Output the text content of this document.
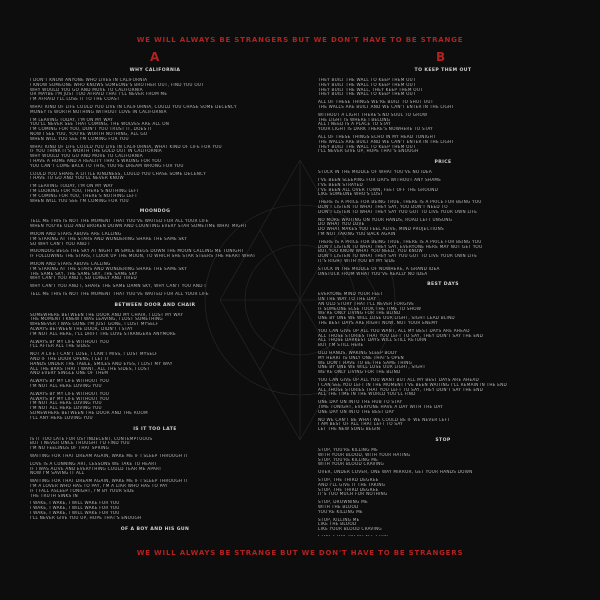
WE WILL ALWAYS BE STRANGERS BUT WE DON'T HAVE TO BE STRANGE
A	B
WHY CALIFORNIA
I DON'T KNOW ANYONE WHO LIVES IN CALIFORNIA
I KNOW SOMEONE WHO KNOWS SOMEONE'S BROTHER OUT, FIND YOU OUT
WHY WOULD YOU GO AND MOVE TO CALIFORNIA
OR MAYBE I'M JUST TOO AFRAID THAT I'LL NEVER FROM ME
I'M AFRAID I'LL LOSE IT TO THE COAST
WHAT KIND OF LIFE COULD YOU LIVE IN CALIFORNIA, COULD YOU CHASE SOME DECENCY
MONEY IS WORTH NOTHING WITHOUT LOVE IN CALIFORNIA
I'M LEAVING TODAY, I'M ON MY WAY
YOU'LL NEVER SEE THAT COMING, THE WOLVES ARE ALL ON
I'M COMING FOR YOU, DON'T YOU TRUST IT, DOES IT
NOW I SEE YOU, YOU'RE WORTH NOTHING, ALL GO
WHEN WILL YOU SEE I'M COMING FOR YOU
WHAT KIND OF LIFE COULD YOU LIVE IN CALIFORNIA, WHAT KIND OF LIFE FOR YOU
IF YOU THINK IT'S WORTH THE GOLD OUT IN CALIFORNIA
WHY WOULD YOU GO AND MOVE TO CALIFORNIA
I HAVE A HOME AND A REALITY THAT'S WRONG FOR YOU
YOU CAN'T COME BACK TO THIS, YOU'RE DREAM WRONG FOR YOU
COULD YOU SHARE A LITTLE KINDNESS, COULD YOU CHASE SOME DECENCY
I HAVE TO GO AND YOU'LL NEVER KNOW
I'M LEAVING TODAY, I'M ON MY WAY
I'M LOOKING FOR YOU, THERE'S NOTHING LEFT
I'M COMING FOR YOU, THERE'S NOTHING LEFT
WHEN WILL YOU SEE I'M COMING FOR YOU
MOONDOG
TELL ME THIS IS NOT THE MOMENT THAT YOU'VE WAITED FOR ALL YOUR LIFE
WHEN YOU'RE OLD AND BROKEN DOWN AND COUNTING EVERY STAR SOMETIME WHAT MIGHT
MOON AND STARS ABOVE ARE CALLING
I'M STARING AT THE STARS AND WONDERING SHARE THE SAME SKY
SO WHY CAN'T YOU AND I
MOONDOG BEGS THE SKY AT NIGHT IN SMILE BEGS DOWN THE MOON CALLING ME TONIGHT
IF FOLLOWING THE STARS, I LOOK UP THE MOON, TO WHICH SHE STAR STEERS THE HEART WHAT
MOON AND STARS ABOVE CALLING
I'M STARING AT THE STARS AND WONDERING SHARE THE SAME SKY
THE SAME SKY, THE SAME SKY, THE SAME SKY
WHY CAN'T YOU AND I, SO LONELY AND TIRED
WHY CAN'T YOU AND I, SHARE THE SAME DAMN SKY, WHY CAN'T YOU AND I
TELL ME THIS IS NOT THE MOMENT THAT YOU'VE WAITED FOR ALL YOUR LIFE
BETWEEN DOOR AND CHAIR
SOMEWHERE BETWEEN THE DOOR AND MY CHAIR, I LOST MY WAY
THE MOMENT I KNEW I WAS LEAVING, I LOST SOMETHING
WHENEVER I WAS GONE I'M JUST GONE, I LOST MYSELF
ALWAYS BETWEEN THE DOOR, DIDN'T I STAY
I'M NOT ALL HERE, I'LL DRIFT THE LOVE STRANGERS ANYMORE
ALWAYS BY MY LIFE WITHOUT YOU
I'LL AFTER ALL THE SIDES
NOT A LIFE I CAN'T LOSE, I CAN'T MISS, I LOST MYSELF
AND IF THE DOOR OPENS, I LET IT
HANDS UNDER THE TABLE, SMILES AND EYES, I LOST MY WAY
ALL THE BARS THAT I WANT, ALL THE SIDES, I LOST
AND EVERY SINGLE ONE OF THEM
ALWAYS BY MY LIFE WITHOUT YOU
I'M NOT ALL HERE LOVING YOU
ALWAYS BY MY LIFE WITHOUT YOU
ALWAYS BY MY LIFE WITHOUT YOU
I'M NOT ALL HERE LOVING YOU
I'M NOT ALL HERE LOVING YOU
SOMEWHERE BETWEEN THE DOOR AND THE ROOM
I'LL ANY HERE LOVING YOU
IS IT TOO LATE
IS IT TOO LATE FOR US? INDECENT, CONTEMPTUOUS
BUT I NEVER ONCE THOUGHT I'D FIND YOU
I'M NO FEELINGS OF THAT SPRING
WAITING FOR THAT DREAM AGAIN, WAKE ME IF I SLEEP THROUGH IT
LOVE IS A CUNNING ART, LESSONS WE TAKE TO HEART
IF I WAS ALIVE AND EVERYTHING COULD TEAR ME APART
NOW I'M SAVING IT ALL
WAITING FOR THAT DREAM AGAIN, WAKE ME IF I SLEEP THROUGH IT
I'M A LOVER WHO HAS TO PAY, I'M A LIAR WHO HAS TO PAY
IF I FALL ASLEEP TONIGHT, I'M BY YOUR SIDE
THE TRUTH SINKS IN
I WAKE, I WAKE, I WILL WAKE FOR YOU
I WAKE, I WAKE, I WILL WAKE FOR YOU
I WAKE, I WAKE, I WILL WAKE FOR YOU
I'LL NEVER GIVE YOU UP, HOPE THAT'S ENOUGH
OF A BOY AND HIS GUN
TO KEEP THEM OUT
THEY BUILT THE WALL TO KEEP THEM OUT
THEY BUILT THE WALL TO KEEP THEM OUT
THEY BUILT THE WALL, THEY KEEP THEM OUT
THEY BUILT THE WALL TO KEEP THEM OUT
ALL OF THESE THINGS WE'RE BUILT TO SHUT OUT
THE WALLS ARE BUILT AND WE CAN'T ENTER IN THE LIGHT
WITHOUT A LIGHT THERE'S NO SOUL TO GROW
THE LIGHT IS WHERE I BELONG
ALL I NEED IS A PLACE TO STAY
YOUR LIGHT IS DARK THERE'S NOWHERE TO STAY
ALL OF THESE THINGS ECHO IN MY HEAD TONIGHT
THE WALLS ARE BUILT AND WE CAN'T ENTER IN THE LIGHT
THEY BUILT THE WALL TO KEEP THEM OUT
I'LL NEVER GIVE UP, HOPE THAT'S ENOUGH
PRICE
STUCK IN THE MIDDLE OF WHAT YOU'VE NO IDEA
I'VE BEEN SLEEPING FOR DAYS WITHOUT ANY SHAME
I'VE BEEN STRAYED
I'VE BEEN ALL OVER TOWN, FEET OFF THE GROUND
LIKE SOMEONE WHO'S LOST
THERE IS A PRICE FOR BEING TRUE, THERE IS A PRICE FOR BEING YOU
DON'T LISTEN TO WHAT THEY SAY, YOU DON'T NEED TO
DON'T LISTEN TO WHAT THEY SAY YOU GOT TO LIVE YOUR OWN LIFE
NO MORE WAITING ON YOUR HANDS, ROAD LEFT UNSUNG
DO WHAT YOU LOVE
DO WHAT MAKES YOU FEEL ALIVE, MIND PROJECTIONS
I'M NOT TAKING YOU BACK AGAIN
THERE IS A PRICE FOR BEING TRUE, THERE IS A PRICE FOR BEING YOU
DON'T LISTEN TO WHAT THEY SAY, EVERYONE HERE MAY NOT GET YOU
BUT YOU KNOW WHAT YOU NEED, YOU KNOW
DON'T LISTEN TO WHAT THEY SAY YOU GOT TO LIVE YOUR OWN LIFE
IT'S RIGHT WITH YOU BY MY SIDE
STUCK IN THE MIDDLE OF NOWHERE, A GRAND IDEA
UNSTUCK FROM WHAT YOU'VE REALLY NO IDEA
BEST DAYS
EVERYONE MIND YOUR FEET
ON THE WAY TO THE DAY
AN OLD STORY THAT I'LL NEVER FORGIVE
IF SOMEONE ELSE TOOK THE TIME TO SHOW
WE'RE ONLY LIVING FOR THE BLIND
ONE BY ONE WE WILL LOSE OUR LIGHT, SIGHT LEAD BLIND
THE BEST DAYS ARE RIGHT NOW, NOT YOUR ENEMY
YOU CAN GIVE UP ALL YOU WANT, ALL MY BEST DAYS ARE AHEAD
ALL THOSE STORIES THAT YOU LEFT TO SAY, THEY DON'T SAY THE END
ALL THOSE DARKEST DAYS WILL STILL RETURN
BUT I'M STILL HERE
OLD HANDS, WAKING SLEEP BODY
MY HEART IS ONLY ONE THAT'S OPEN
WE DON'T HAVE TO BE THE SAME THING
ONE BY ONE WE WILL LOSE OUR LIGHT, SIGHT
WE'RE ONLY LIVING FOR THE BLIND
YOU CAN GIVE UP ALL YOU WANT BUT ALL MY BEST DAYS ARE AHEAD
I CAN SEE YOU LEFT IN THE MOMENT I'VE BEEN WAITING I'LL REMAIN IN THE END
ALL THOSE STORIES THAT YOU LEFT TO SAY, THEY DON'T SAY THE END
ALL THE TIME IN THE WORLD YOU'LL FIND
ONE DAY ON INTO THE HUB TO STAY
TIME TONIGHT, EVERYONE HAVE A DAY WITH THE DAY
ONE DAY ON INTO THE BEST DAY
NO WE CAN'T BE WHAT WE COULD BE IF WE NEVER LEFT
I AM BEST OF ALL THAT LEFT TO SAY
LET THE NEW SONG BEGIN
STOP
STOP, YOU'RE KILLING ME
WITH YOUR BLOOD, WITH YOUR HATING
STOP, YOU'RE KILLING ME
WITH YOUR BLOOD CRAVING
OVER, UNDER COVER, ONE WAY MIRROR, GET YOUR HANDS DOWN
STOP, THE THIRD DEGREE
AND I'LL GIVE IT THE TAKING
STOP, THE THIRD DEGREE
IT'S TOO MUCH FOR NOTHING
STOP, DROWNING ME
WITH THE BLOOD
YOU'RE KILLING ME
STOP, KILLING ME
LIKE THE BLOOD
LIKE YOUR BLOOD CRAVING
WE WILL ALWAYS BE STRANGE BUT WE DON'T HAVE TO BE STRANGERS
